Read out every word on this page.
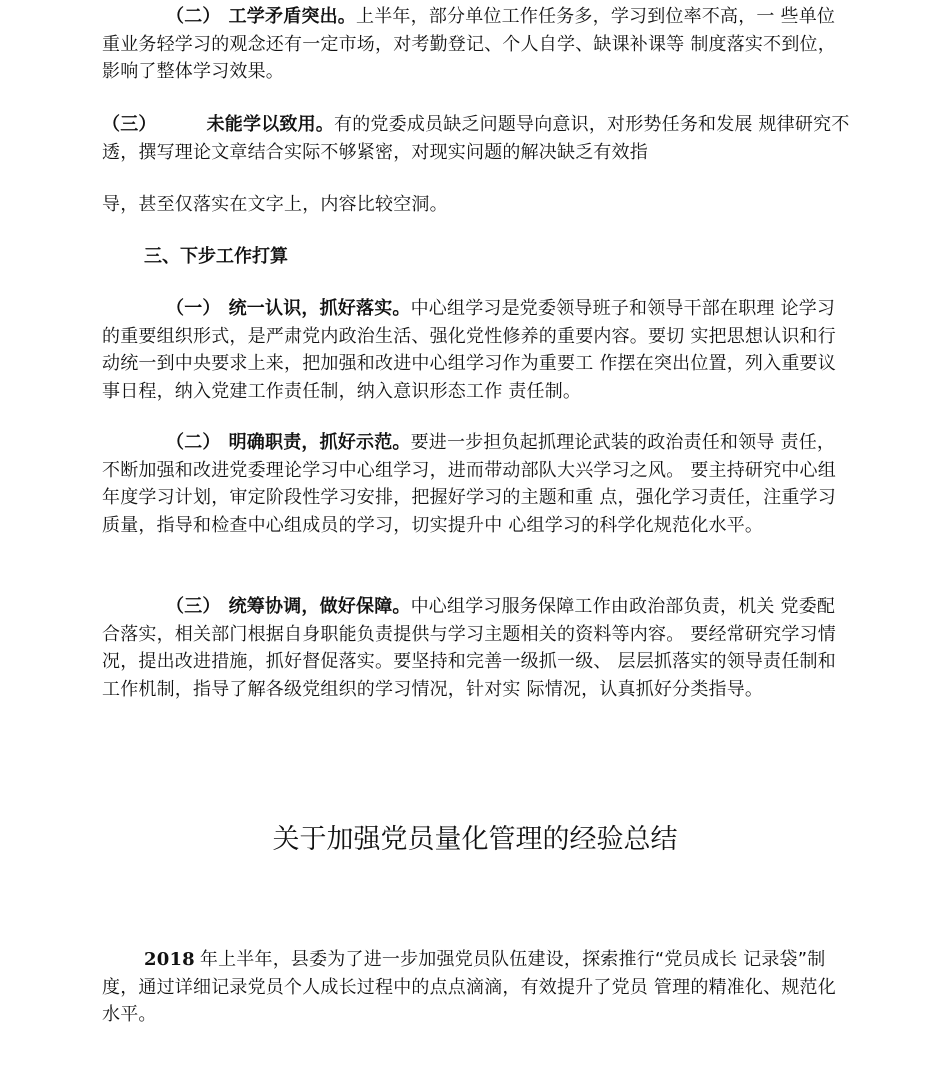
（二） 工学矛盾突出。上半年，部分单位工作任务多，学习到位率不高，一 些单位重业务轻学习的观念还有一定市场，对考勤登记、个人自学、缺课补课等 制度落实不到位，影响了整体学习效果。

（三）	未能学以致用。有的党委成员缺乏问题导向意识，对形势任务和发展 规律研究不透，撰写理论文章结合实际不够紧密，对现实问题的解决缺乏有效指

导，甚至仅落实在文字上，内容比较空洞。

三、下步工作打算

（一） 统一认识，抓好落实。中心组学习是党委领导班子和领导干部在职理 论学习的重要组织形式，是严肃党内政治生活、强化党性修养的重要内容。要切 实把思想认识和行动统一到中央要求上来，把加强和改进中心组学习作为重要工 作摆在突出位置，列入重要议事日程，纳入党建工作责任制，纳入意识形态工作 责任制。

（二） 明确职责，抓好示范。要进一步担负起抓理论武装的政治责任和领导 责任，不断加强和改进党委理论学习中心组学习，进而带动部队大兴学习之风。 要主持研究中心组年度学习计划，审定阶段性学习安排，把握好学习的主题和重 点，强化学习责任，注重学习质量，指导和检查中心组成员的学习，切实提升中 心组学习的科学化规范化水平。

（三） 统筹协调，做好保障。中心组学习服务保障工作由政治部负责，机关 党委配合落实，相关部门根据自身职能负责提供与学习主题相关的资料等内容。 要经常研究学习情况，提出改进措施，抓好督促落实。要坚持和完善一级抓一级、 层层抓落实的领导责任制和工作机制，指导了解各级党组织的学习情况，针对实 际情况，认真抓好分类指导。

2018 年上半年，县委为了进一步加强党员队伍建设，探索推行“党员成长 记录袋”制度，通过详细记录党员个人成长过程中的点点滴滴，有效提升了党员 管理的精准化、规范化水平。

关于加强党员量化管理的经验总结
